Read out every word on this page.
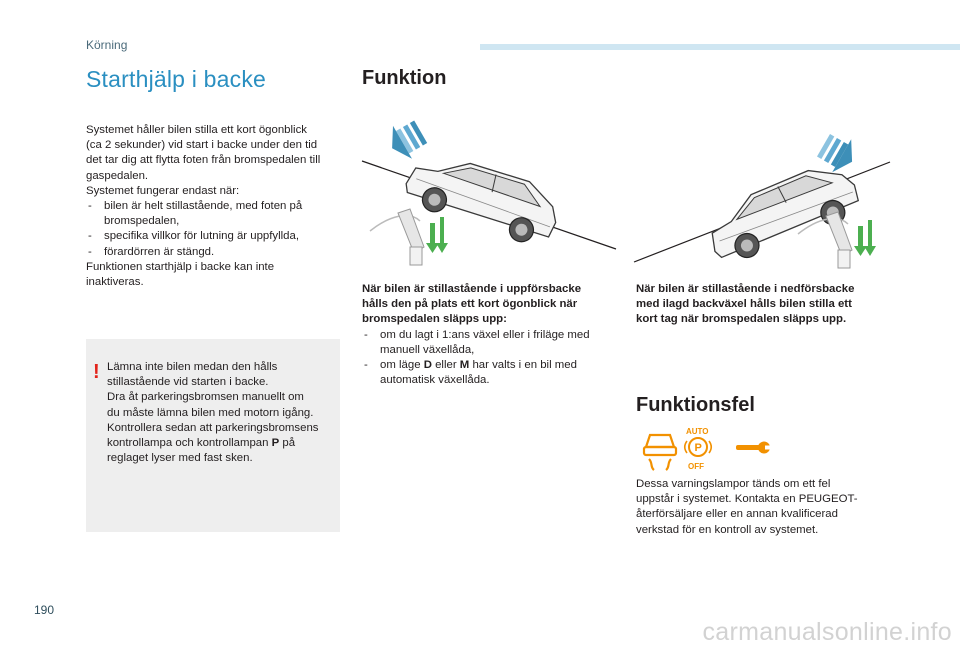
Körning
Starthjälp i backe

Systemet håller bilen stilla ett kort ögonblick

(ca 2 sekunder) vid start i backe under den tid

det tar dig att flytta foten från bromspedalen till

gaspedalen.

Systemet fungerar endast när:

- bilen är helt stillastående, med foten på
bromspedalen,
- specifika villkor för lutning är uppfyllda,
- förardörren är stängd.

Funktionen starthjälp i backe kan inte

inaktiveras.

! Lämna inte bilen medan den hålls

stillastående vid starten i backe.

Dra åt parkeringsbromsen manuellt om

du måste lämna bilen med motorn igång.

Kontrollera sedan att parkeringsbromsens

kontrollampa och kontrollampan P på

reglaget lyser med fast sken.

Funktion

När bilen är stillastående i uppförsbacke

hålls den på plats ett kort ögonblick när

bromspedalen släpps upp:

- om du lagt i 1:ans växel eller i friläge med
manuell växellåda,
- om läge D eller M har valts i en bil med
automatisk växellåda.

När bilen är stillastående i nedförsbacke

med ilagd backväxel hålls bilen stilla ett

kort tag när bromspedalen släpps upp.

Funktionsfel
AUTO
P
OFF

Dessa varningslampor tänds om ett fel

uppstår i systemet. Kontakta en PEUGEOT-

återförsäljare eller en annan kvalificerad

verkstad för en kontroll av systemet.

190
carmanualsonline.info
